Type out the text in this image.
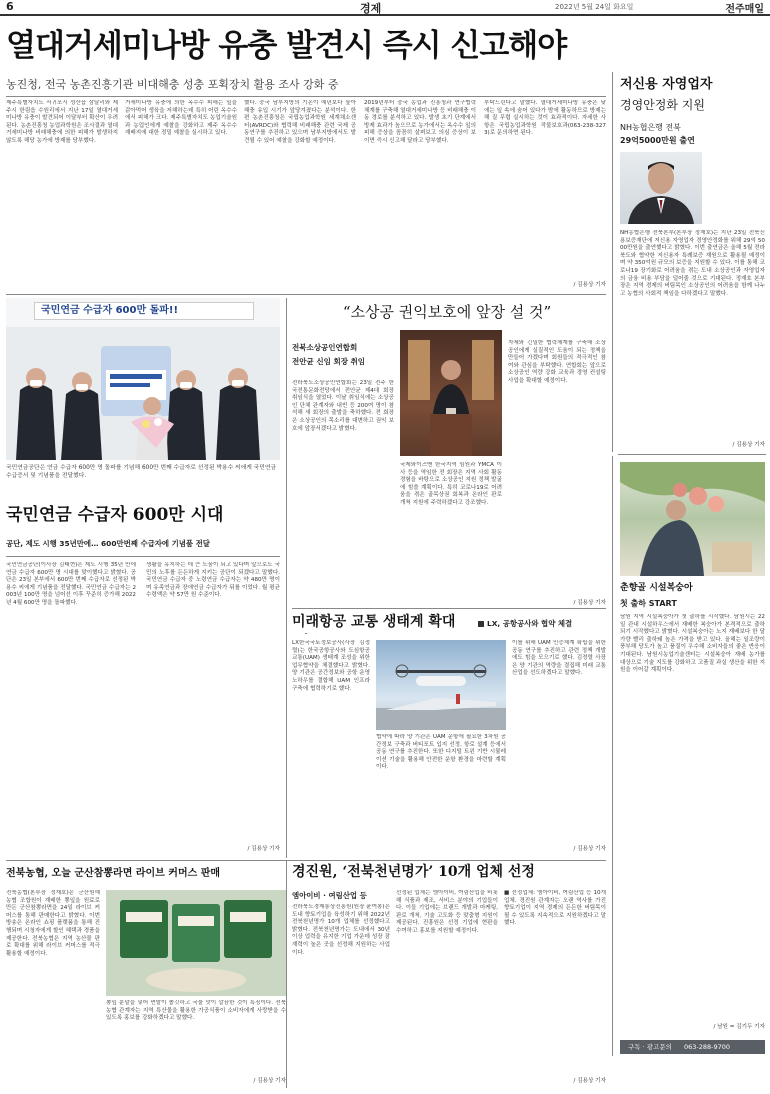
6	경제	2022년 5월 24일 화요일	전주매일
열대거세미나방 유충 발견시 즉시 신고해야
농진청, 전국 농촌진흥기관 비대해충 성충 포획장치 활용 조사 강화 중
제주특별자치도 서귀포시 성산읍 삼달리와 제주시 한림읍 수원리에서 지난 17일 열대거세미나방 유충이 발견되어 이달부터 확산이 우려된다. 농촌진흥청 농업과학원은 조사결과 열대거세미나방 비래해충에 의한 피해가 발생하지 않도록 해당 농가에 방제를 당부했다.
거세미나방 유충에 의한 옥수수 피해는 잎을 갉아먹어 생육을 저해하는데 특히 어린 옥수수에서 피해가 크다. 제주특별자치도 농업기술원과 농업인에게 예찰을 강화하고 제주 옥수수 재배지에 대한 정밀 예찰을 실시하고 있다.
했다. 중국 남부지방의 기온이 예년보다 높아 해충 유입 시기가 앞당겨졌다는 분석이다. 한편 농촌진흥청은 국립농업과학원 세계채소센터(AVRDC)와 협력해 비래해충 관련 국제 공동연구를 추진하고 있으며 남부지방에서도 발견될 수 있어 예찰을 강화할 예정이다.
2019년부터 중국 농업과 진흥청과 연구협력 체계를 구축해 열대거세미나방 등 비래해충 이동 경로를 분석하고 있다. 발생 초기 단계에서 방제 효과가 높으므로 농가에서는 옥수수 잎의 피해 증상을 꼼꼼히 살펴보고 의심 증상이 보이면 즉시 신고해 달라고 당부했다.
부탁드린다고 말했다. 열대거세미나방 유충은 낮에는 잎 속에 숨어 있다가 밤에 활동하므로 방제는 해 질 무렵 실시하는 것이 효과적이다. 자세한 사항은 국립농업과학원 작물보호과(063-238-3273)로 문의하면 된다.
/ 김용상 기자
저신용 자영업자
경영안정화 지원
NH농협은행 전북
29억5000만원 출연
NH농협은행 전북본부(본부장 정재호)는 지난 23일 전북신용보증재단에 저신용 자영업자 경영안정화를 위해 29억 5000만원을 출연했다고 밝혔다. 이번 출연금은 올해 5월 전라북도와 협약한 저신용자 특례보증 재원으로 활용될 예정이며 약 350억원 규모의 보증을 지원할 수 있다. 이를 통해 코로나19 장기화로 어려움을 겪는 도내 소상공인과 자영업자의 금융 비용 부담을 덜어줄 것으로 기대된다. 정재호 본부장은 지역 경제의 버팀목인 소상공인의 어려움을 함께 나누고 농협의 사회적 책임을 다하겠다고 말했다.
/ 김용상 기자
국민연금 수급자 600만 돌파!!
국민연금공단은 연금 수급자 600만 명 돌파를 기념해 600만 번째 수급자로 선정된 박용수 씨에게 국민연금 수급증서 및 기념품을 전달했다.
국민연금 수급자 600만 시대
공단, 제도 시행 35년만에… 600만번째 수급자에 기념품 전달
국민연금공단(이사장 김태현)은 제도 시행 35년 만에 연금 수급자 600만 명 시대를 맞이했다고 밝혔다. 공단은 23일 본부에서 600만 번째 수급자로 선정된 박용수 씨에게 기념품을 전달했다. 국민연금 수급자는 2003년 100만 명을 넘어선 이후 꾸준히 증가해 2022년 4월 600만 명을 돌파했다.
생활을 유지하는 데 큰 도움이 되고 있다며 앞으로도 국민의 노후를 든든하게 지키는 공단이 되겠다고 말했다. 국민연금 수급자 중 노령연금 수급자는 약 480만 명이며 유족연금과 장애연금 수급자가 뒤를 이었다. 월 평균 수령액은 약 57만 원 수준이다.
/ 김용상 기자
“소상공 권익보호에 앞장 설 것”
전북소상공인연합회
전안균 신임 회장 취임
전라북도소상공인연합회는 23일 전주 한국전통문화전당에서 전안균 제4대 회장 취임식을 열었다. 이날 취임식에는 소상공인 단체 관계자와 내빈 등 200여 명이 참석해 새 회장의 출발을 축하했다. 전 회장은 소상공인의 목소리를 대변하고 권익 보호에 앞장서겠다고 밝혔다.
국제와이즈맨 한국지역 임원과 YMCA 이사 등을 역임한 전 회장은 지역 사회 활동 경험을 바탕으로 소상공인 지원 정책 발굴에 힘쓸 계획이다. 특히 코로나19로 어려움을 겪은 골목상권 회복과 온라인 판로 개척 지원에 주력하겠다고 강조했다.
자체와 긴밀한 협력체계를 구축해 소상공인에게 실질적인 도움이 되는 정책을 만들어 가겠다며 회원들의 적극적인 참여와 관심을 부탁했다. 연합회는 앞으로 소상공인 역량 강화 교육과 경영 컨설팅 사업을 확대할 예정이다.
/ 김용상 기자
미래항공 교통 생태계 확대	LX, 공항공사와 협약 체결
LX한국국토정보공사(사장 김정렬)는 한국공항공사와 도심항공교통(UAM) 생태계 조성을 위한 업무협약을 체결했다고 밝혔다. 양 기관은 공간정보와 공항 운영 노하우를 결합해 UAM 인프라 구축에 협력하기로 했다.
협약에 따라 양 기관은 UAM 운항에 필요한 3차원 공간정보 구축과 버티포트 입지 선정, 항로 설계 등에서 공동 연구를 추진한다. 또한 디지털 트윈 기반 시뮬레이션 기술을 활용해 안전한 운항 환경을 마련할 계획이다.
이를 위해 UAM 인증체계 확립을 위한 공동 연구를 추진하고 관련 정책 개발에도 힘을 모으기로 했다. 김정렬 사장은 양 기관의 역량을 결집해 미래 교통 산업을 선도하겠다고 말했다.
/ 김용상 기자
춘향골 시설복숭아
첫 출하 START
남원 지역 시설복숭아가 첫 출하를 시작했다. 남원시는 22일 관내 시설하우스에서 재배한 복숭아가 본격적으로 출하되기 시작했다고 밝혔다. 시설복숭아는 노지 재배보다 한 달가량 빨리 출하돼 높은 가격을 받고 있다. 올해는 일조량이 풍부해 당도가 높고 품질이 우수해 소비자들의 좋은 반응이 기대된다. 남원시농업기술센터는 시설복숭아 재배 농가를 대상으로 기술 지도를 강화하고 고품질 과실 생산을 위한 지원을 이어갈 계획이다.
/ 남원 = 김기두 기자
전북농협, 오늘 군산참뽕라면 라이브 커머스 판매
전북농협(본부장 정재호)은 군산원예농협 조합원이 재배한 뽕잎을 원료로 만든 군산참뽕라면을 24일 라이브 커머스를 통해 판매한다고 밝혔다. 이번 방송은 온라인 쇼핑 플랫폼을 통해 진행되며 시청자에게 할인 혜택과 경품을 제공한다. 전북농협은 지역 농산물 판로 확대를 위해 라이브 커머스를 적극 활용할 예정이다.
뽕잎 분말을 넣어 면발이 쫄깃하고 국물 맛이 깔끔한 것이 특징이다. 전북농협 관계자는 지역 특산물을 활용한 가공식품이 소비자에게 사랑받을 수 있도록 홍보를 강화하겠다고 말했다.
/ 김용상 기자
경진원, ‘전북천년명가’ 10개 업체 선정
엠아이비 · 여림산업 등
전라북도경제통상진흥원(원장 윤여봉)은 도내 향토기업을 육성하기 위해 2022년 전북천년명가 10개 업체를 선정했다고 밝혔다. 전북천년명가는 도내에서 30년 이상 업력을 유지한 기업 가운데 성장 잠재력이 높은 곳을 선정해 지원하는 사업이다.
선정된 업체는 엠아이비, 여림산업을 비롯해 식품과 제조, 서비스 분야의 기업들이다. 이들 기업에는 브랜드 개발과 마케팅, 판로 개척, 기술 고도화 등 맞춤형 지원이 제공된다. 진흥원은 선정 기업에 현판을 수여하고 홍보를 지원할 예정이다.
■ 선정업체: 엠아이비, 여림산업 등 10개 업체. 경진원 관계자는 오랜 역사를 가진 향토기업이 지역 경제의 든든한 버팀목이 될 수 있도록 지속적으로 지원하겠다고 말했다.
/ 김용상 기자
구독 · 광고문의 063-288-9700
